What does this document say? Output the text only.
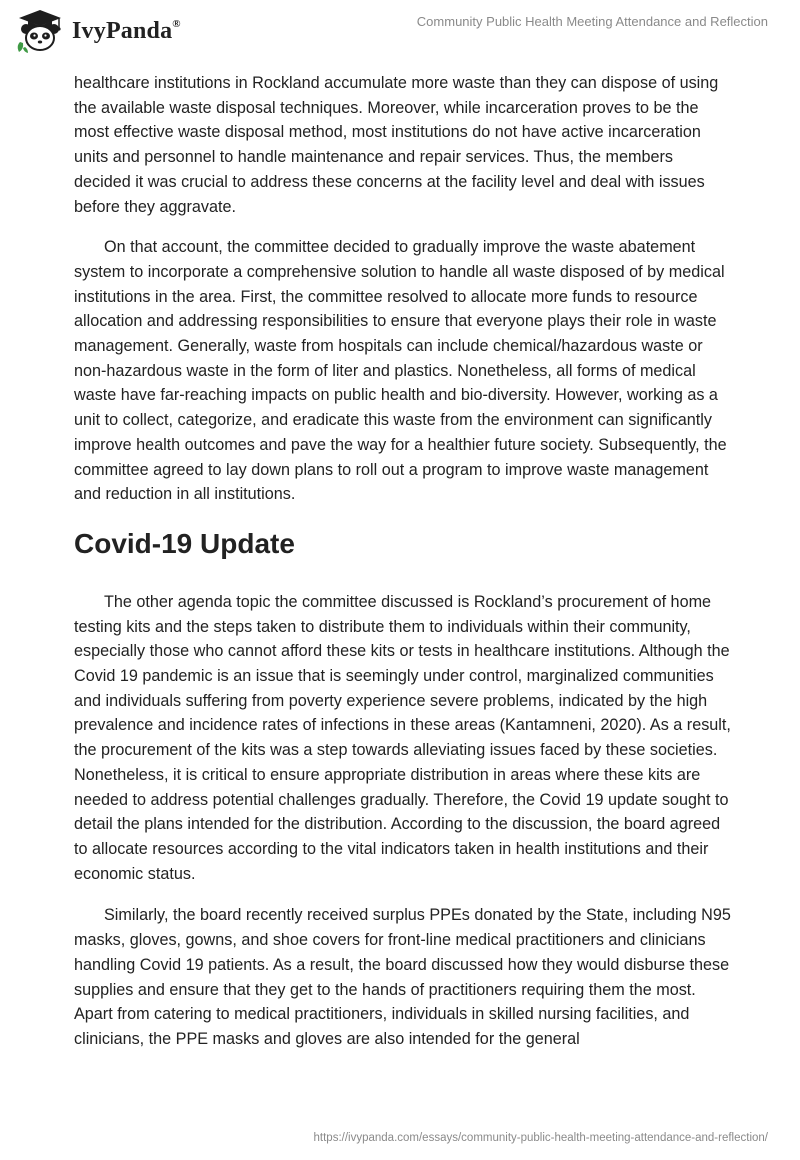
IvyPanda®	Community Public Health Meeting Attendance and Reflection

healthcare institutions in Rockland accumulate more waste than they can dispose of using the available waste disposal techniques. Moreover, while incarceration proves to be the most effective waste disposal method, most institutions do not have active incarceration units and personnel to handle maintenance and repair services. Thus, the members decided it was crucial to address these concerns at the facility level and deal with issues before they aggravate.

On that account, the committee decided to gradually improve the waste abatement system to incorporate a comprehensive solution to handle all waste disposed of by medical institutions in the area. First, the committee resolved to allocate more funds to resource allocation and addressing responsibilities to ensure that everyone plays their role in waste management. Generally, waste from hospitals can include chemical/hazardous waste or non-hazardous waste in the form of liter and plastics. Nonetheless, all forms of medical waste have far-reaching impacts on public health and bio-diversity. However, working as a unit to collect, categorize, and eradicate this waste from the environment can significantly improve health outcomes and pave the way for a healthier future society. Subsequently, the committee agreed to lay down plans to roll out a program to improve waste management and reduction in all institutions.

Covid-19 Update

The other agenda topic the committee discussed is Rockland’s procurement of home testing kits and the steps taken to distribute them to individuals within their community, especially those who cannot afford these kits or tests in healthcare institutions. Although the Covid 19 pandemic is an issue that is seemingly under control, marginalized communities and individuals suffering from poverty experience severe problems, indicated by the high prevalence and incidence rates of infections in these areas (Kantamneni, 2020). As a result, the procurement of the kits was a step towards alleviating issues faced by these societies. Nonetheless, it is critical to ensure appropriate distribution in areas where these kits are needed to address potential challenges gradually. Therefore, the Covid 19 update sought to detail the plans intended for the distribution. According to the discussion, the board agreed to allocate resources according to the vital indicators taken in health institutions and their economic status.

Similarly, the board recently received surplus PPEs donated by the State, including N95 masks, gloves, gowns, and shoe covers for front-line medical practitioners and clinicians handling Covid 19 patients. As a result, the board discussed how they would disburse these supplies and ensure that they get to the hands of practitioners requiring them the most. Apart from catering to medical practitioners, individuals in skilled nursing facilities, and clinicians, the PPE masks and gloves are also intended for the general

https://ivypanda.com/essays/community-public-health-meeting-attendance-and-reflection/
